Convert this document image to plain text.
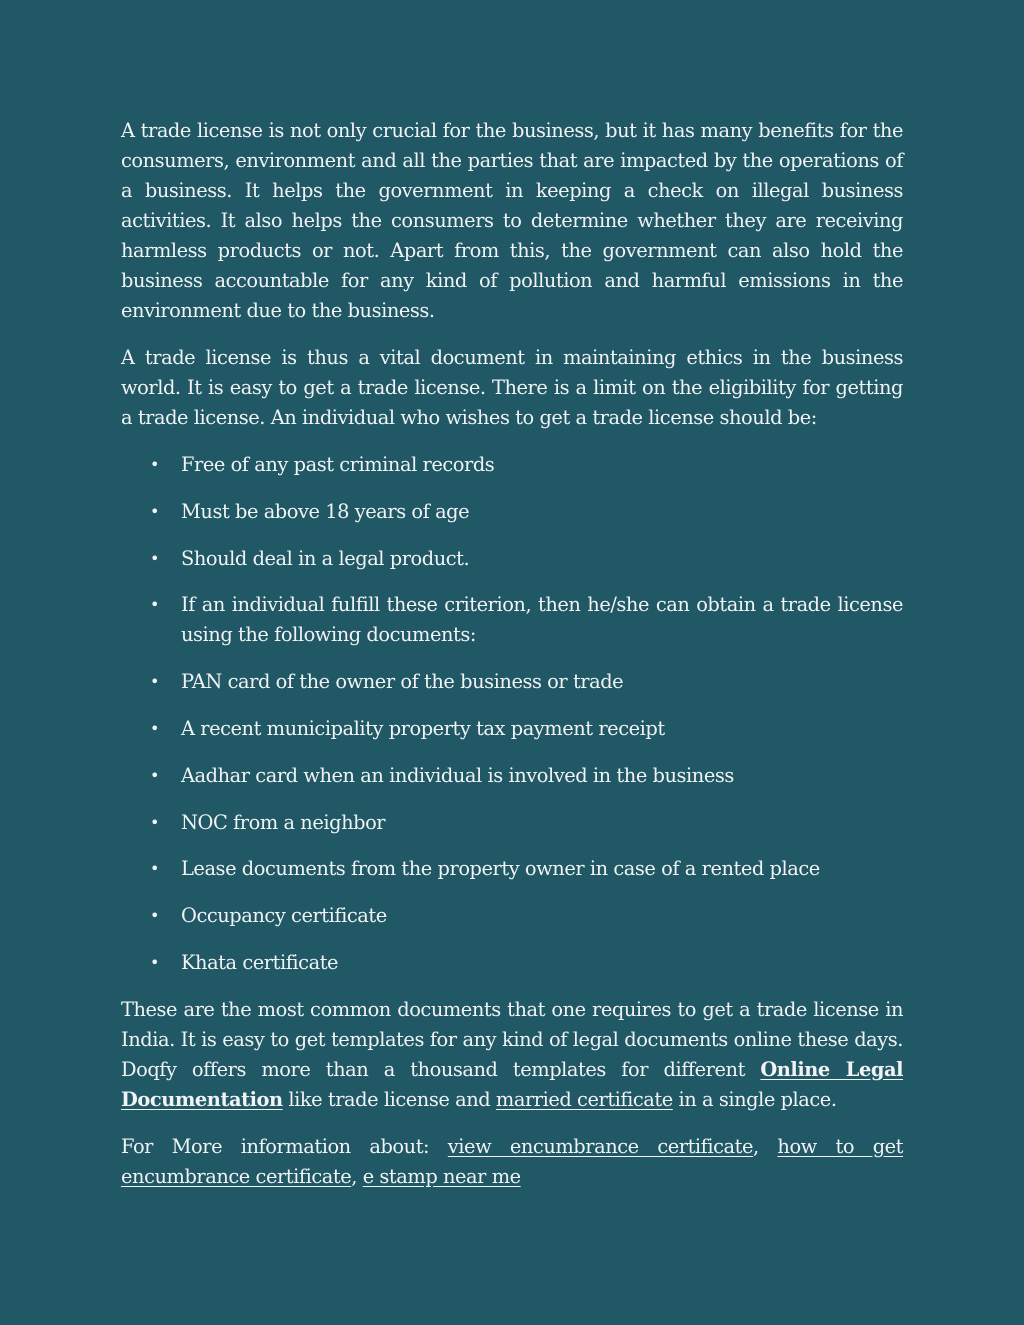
A trade license is not only crucial for the business, but it has many benefits for the consumers, environment and all the parties that are impacted by the operations of a business. It helps the government in keeping a check on illegal business activities. It also helps the consumers to determine whether they are receiving harmless products or not. Apart from this, the government can also hold the business accountable for any kind of pollution and harmful emissions in the environment due to the business.

A trade license is thus a vital document in maintaining ethics in the business world. It is easy to get a trade license. There is a limit on the eligibility for getting a trade license. An individual who wishes to get a trade license should be:

• Free of any past criminal records
• Must be above 18 years of age
• Should deal in a legal product.
• If an individual fulfill these criterion, then he/she can obtain a trade license using the following documents:
• PAN card of the owner of the business or trade
• A recent municipality property tax payment receipt
• Aadhar card when an individual is involved in the business
• NOC from a neighbor
• Lease documents from the property owner in case of a rented place
• Occupancy certificate
• Khata certificate

These are the most common documents that one requires to get a trade license in India. It is easy to get templates for any kind of legal documents online these days. Doqfy offers more than a thousand templates for different Online Legal Documentation like trade license and married certificate in a single place.

For More information about: view encumbrance certificate, how to get encumbrance certificate, e stamp near me
